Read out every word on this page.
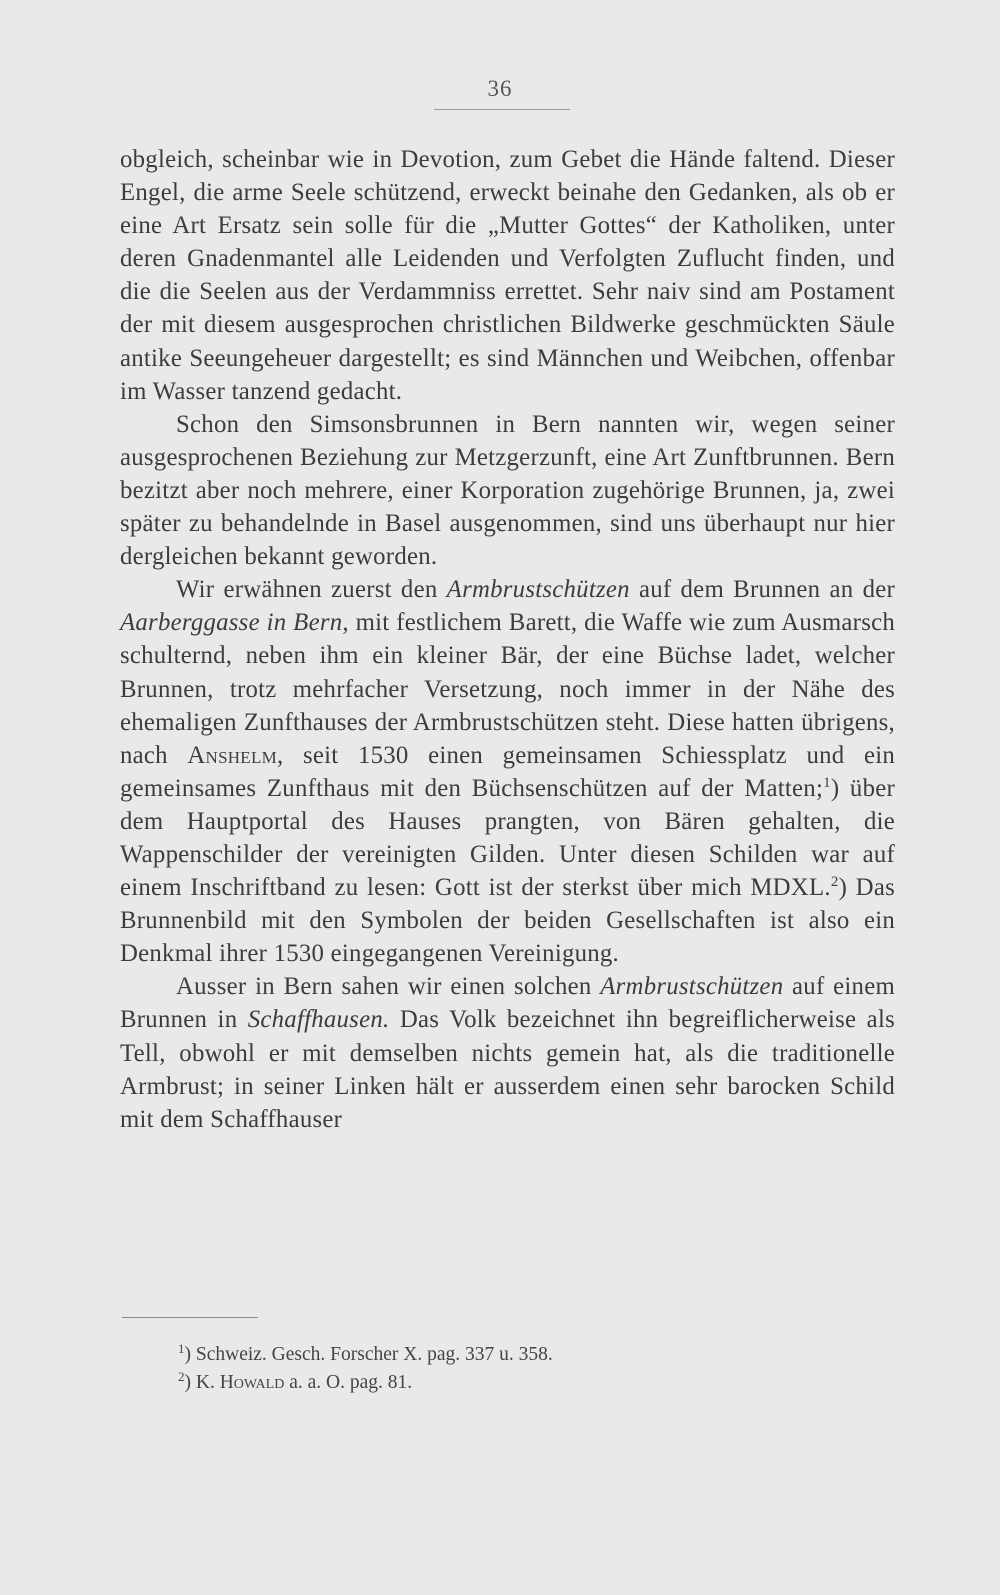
36

obgleich, scheinbar wie in Devotion, zum Gebet die Hände faltend. Dieser Engel, die arme Seele schützend, erweckt beinahe den Gedanken, als ob er eine Art Ersatz sein solle für die „Mutter Gottes“ der Katholiken, unter deren Gnadenmantel alle Leidenden und Verfolgten Zuflucht finden, und die die Seelen aus der Verdammniss errettet. Sehr naiv sind am Postament der mit diesem ausgesprochen christlichen Bildwerke geschmückten Säule antike Seeungeheuer dargestellt; es sind Männchen und Weibchen, offenbar im Wasser tanzend gedacht.

Schon den Simsonsbrunnen in Bern nannten wir, wegen seiner ausgesprochenen Beziehung zur Metzgerzunft, eine Art Zunftbrunnen. Bern bezitzt aber noch mehrere, einer Korporation zugehörige Brunnen, ja, zwei später zu behandelnde in Basel ausgenommen, sind uns überhaupt nur hier dergleichen bekannt geworden.

Wir erwähnen zuerst den Armbrustschützen auf dem Brunnen an der Aarberggasse in Bern, mit festlichem Barett, die Waffe wie zum Ausmarsch schulternd, neben ihm ein kleiner Bär, der eine Büchse ladet, welcher Brunnen, trotz mehrfacher Versetzung, noch immer in der Nähe des ehemaligen Zunfthauses der Armbrustschützen steht. Diese hatten übrigens, nach Anshelm, seit 1530 einen gemeinsamen Schiessplatz und ein gemeinsames Zunfthaus mit den Büchsenschützen auf der Matten;$^1$) über dem Hauptportal des Hauses prangten, von Bären gehalten, die Wappenschilder der vereinigten Gilden. Unter diesen Schilden war auf einem Inschriftband zu lesen: Gott ist der sterkst über mich MDXL.$^2$) Das Brunnenbild mit den Symbolen der beiden Gesellschaften ist also ein Denkmal ihrer 1530 eingegangenen Vereinigung.

Ausser in Bern sahen wir einen solchen Armbrustschützen auf einem Brunnen in Schaffhausen. Das Volk bezeichnet ihn begreiflicherweise als Tell, obwohl er mit demselben nichts gemein hat, als die traditionelle Armbrust; in seiner Linken hält er ausserdem einen sehr barocken Schild mit dem Schaffhauser

$^1$) Schweiz. Gesch. Forscher X. pag. 337 u. 358.
$^2$) K. Howald a. a. O. pag. 81.
